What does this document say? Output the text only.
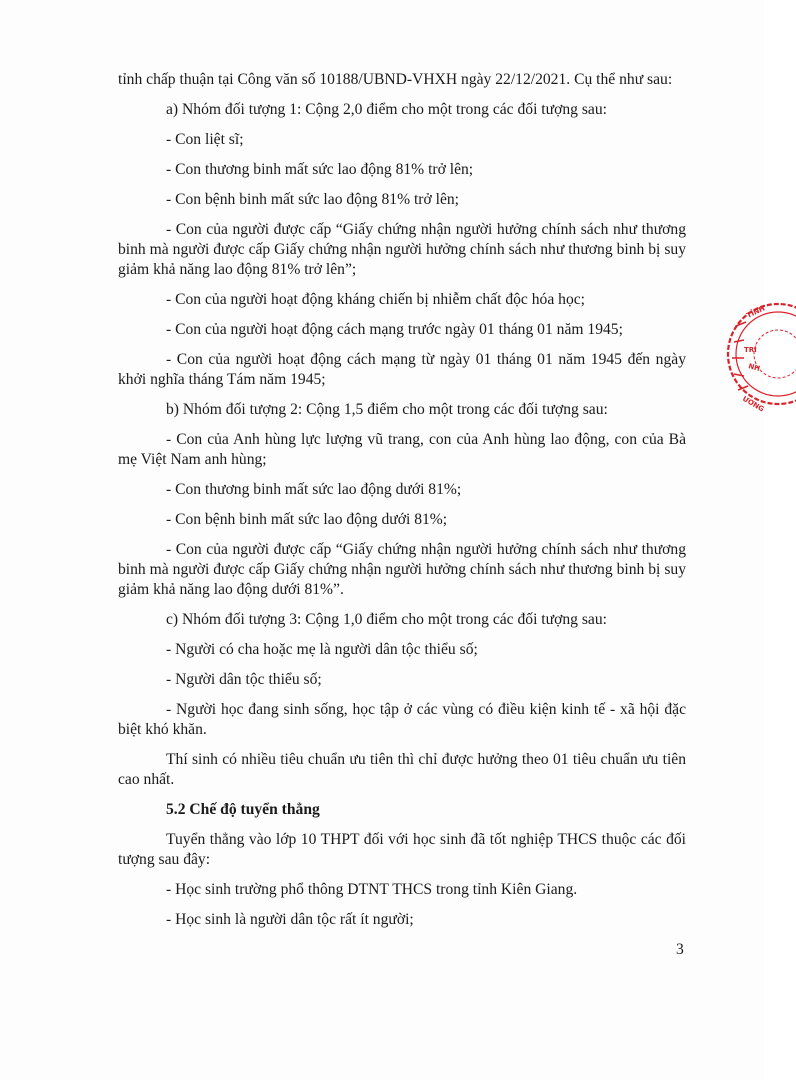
tỉnh chấp thuận tại Công văn số 10188/UBND-VHXH ngày 22/12/2021. Cụ thể như sau:

a) Nhóm đối tượng 1: Cộng 2,0 điểm cho một trong các đối tượng sau:

- Con liệt sĩ;

- Con thương binh mất sức lao động 81% trở lên;

- Con bệnh binh mất sức lao động 81% trở lên;

- Con của người được cấp “Giấy chứng nhận người hưởng chính sách như thương binh mà người được cấp Giấy chứng nhận người hưởng chính sách như thương binh bị suy giảm khả năng lao động 81% trở lên”;

- Con của người hoạt động kháng chiến bị nhiễm chất độc hóa học;

- Con của người hoạt động cách mạng trước ngày 01 tháng 01 năm 1945;

- Con của người hoạt động cách mạng từ ngày 01 tháng 01 năm 1945 đến ngày khởi nghĩa tháng Tám năm 1945;

b) Nhóm đối tượng 2: Cộng 1,5 điểm cho một trong các đối tượng sau:

- Con của Anh hùng lực lượng vũ trang, con của Anh hùng lao động, con của Bà mẹ Việt Nam anh hùng;

- Con thương binh mất sức lao động dưới 81%;

- Con bệnh binh mất sức lao động dưới 81%;

- Con của người được cấp “Giấy chứng nhận người hưởng chính sách như thương binh mà người được cấp Giấy chứng nhận người hưởng chính sách như thương binh bị suy giảm khả năng lao động dưới 81%”.

c) Nhóm đối tượng 3: Cộng 1,0 điểm cho một trong các đối tượng sau:

- Người có cha hoặc mẹ là người dân tộc thiểu số;

- Người dân tộc thiểu số;

- Người học đang sinh sống, học tập ở các vùng có điều kiện kinh tế - xã hội đặc biệt khó khăn.

Thí sinh có nhiều tiêu chuẩn ưu tiên thì chỉ được hưởng theo 01 tiêu chuẩn ưu tiên cao nhất.

5.2 Chế độ tuyển thẳng

Tuyển thẳng vào lớp 10 THPT đối với học sinh đã tốt nghiệp THCS thuộc các đối tượng sau đây:

- Học sinh trường phổ thông DTNT THCS trong tỉnh Kiên Giang.

- Học sinh là người dân tộc rất ít người;

3
TỈNH
TRÍ
NH
ƯƠNG
